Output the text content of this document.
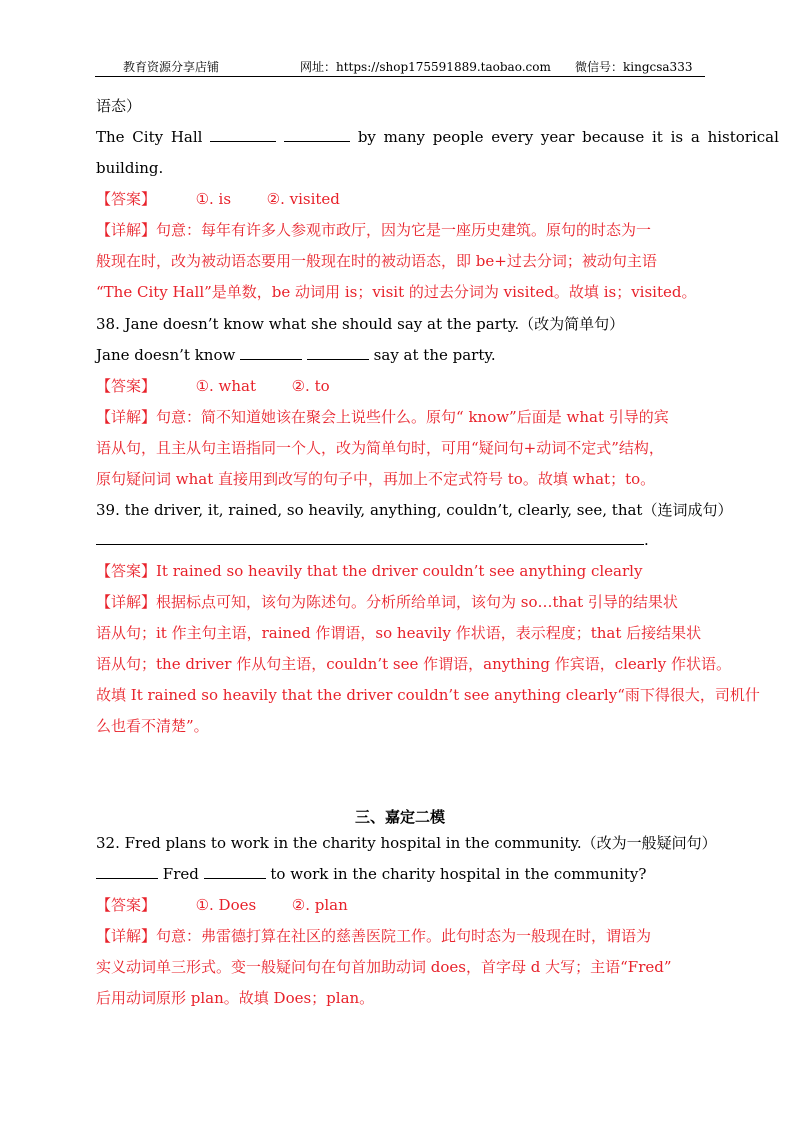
教育资源分享店铺	网址：https://shop175591889.taobao.com 微信号：kingcsa333
语态）
The City Hall	by many people every year because it is a historical
building.
【答案】	①. is ②. visited
【详解】句意：每年有许多人参观市政厅，因为它是一座历史建筑。原句的时态为一
般现在时，改为被动语态要用一般现在时的被动语态，即 be+过去分词；被动句主语
“The City Hall”是单数，be 动词用 is；visit 的过去分词为 visited。故填 is；visited。
38. Jane doesn’t know what she should say at the party.（改为简单句）
Jane doesn’t know	say at the party.
【答案】	①. what ②. to
【详解】句意：简不知道她该在聚会上说些什么。原句“ know”后面是 what 引导的宾
语从句，且主从句主语指同一个人，改为简单句时，可用“疑问句+动词不定式”结构，
原句疑问词 what 直接用到改写的句子中，再加上不定式符号 to。故填 what；to。
39. the driver, it, rained, so heavily, anything, couldn’t, clearly, see, that（连词成句）
.
【答案】It rained so heavily that the driver couldn’t see anything clearly
【详解】根据标点可知，该句为陈述句。分析所给单词，该句为 so…that 引导的结果状
语从句；it 作主句主语，rained 作谓语，so heavily 作状语，表示程度；that 后接结果状
语从句；the driver 作从句主语，couldn’t see 作谓语，anything 作宾语，clearly 作状语。
故填 It rained so heavily that the driver couldn’t see anything clearly“雨下得很大，司机什
么也看不清楚”。
三、嘉定二模
32. Fred plans to work in the charity hospital in the community.（改为一般疑问句）
Fred	to work in the charity hospital in the community?
【答案】	①. Does ②. plan
【详解】句意：弗雷德打算在社区的慈善医院工作。此句时态为一般现在时，谓语为
实义动词单三形式。变一般疑问句在句首加助动词 does，首字母 d 大写；主语“Fred”
后用动词原形 plan。故填 Does；plan。
